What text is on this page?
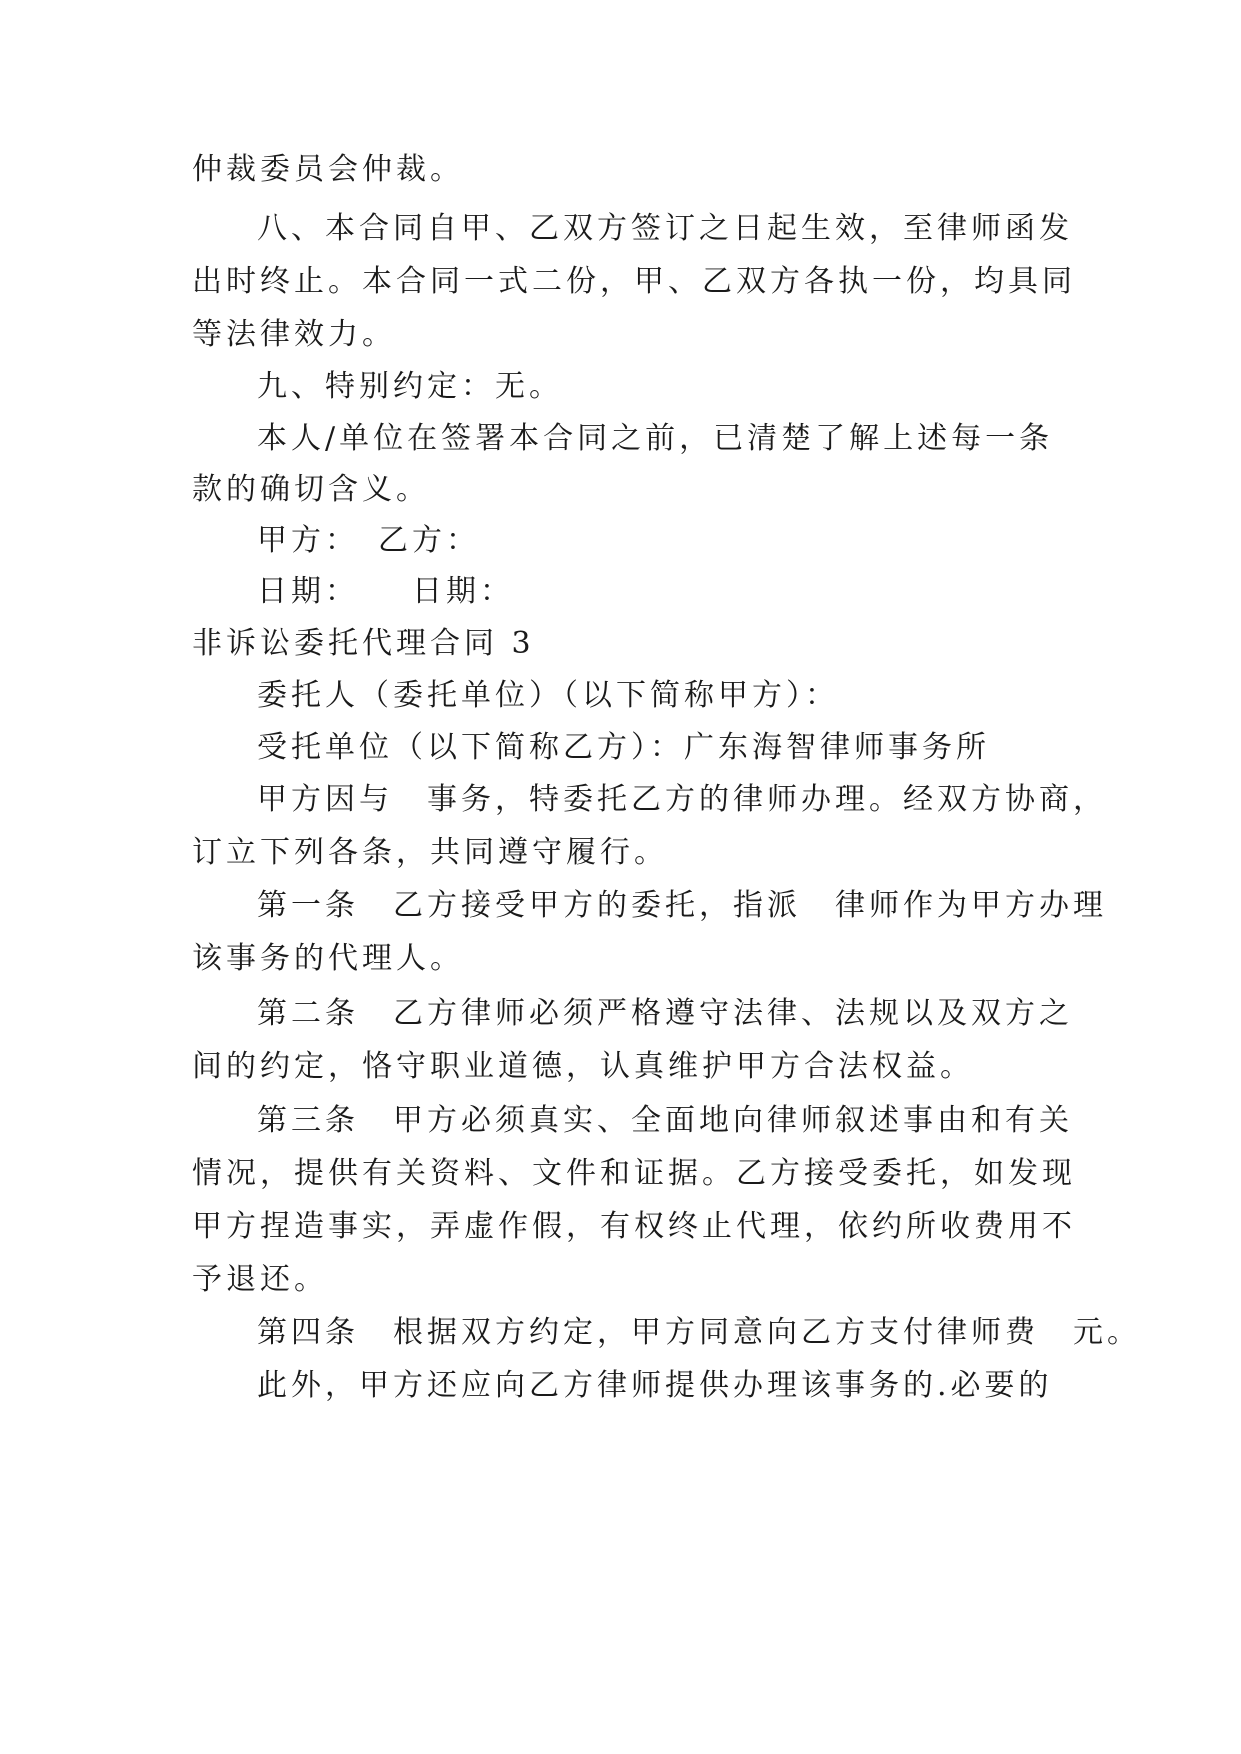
仲裁委员会仲裁。
八、本合同自甲、乙双方签订之日起生效，至律师函发
出时终止。本合同一式二份，甲、乙双方各执一份，均具同
等法律效力。
九、特别约定：无。
本人/单位在签署本合同之前，已清楚了解上述每一条
款的确切含义。
甲方：　乙方：
日期：　　日期：
非诉讼委托代理合同 3
委托人（委托单位）（以下简称甲方）：
受托单位（以下简称乙方）：广东海智律师事务所
甲方因与　事务，特委托乙方的律师办理。经双方协商，
订立下列各条，共同遵守履行。
第一条　乙方接受甲方的委托，指派　律师作为甲方办理
该事务的代理人。
第二条　乙方律师必须严格遵守法律、法规以及双方之
间的约定，恪守职业道德，认真维护甲方合法权益。
第三条　甲方必须真实、全面地向律师叙述事由和有关
情况，提供有关资料、文件和证据。乙方接受委托，如发现
甲方捏造事实，弄虚作假，有权终止代理，依约所收费用不
予退还。
第四条　根据双方约定，甲方同意向乙方支付律师费　元。
此外，甲方还应向乙方律师提供办理该事务的.必要的
